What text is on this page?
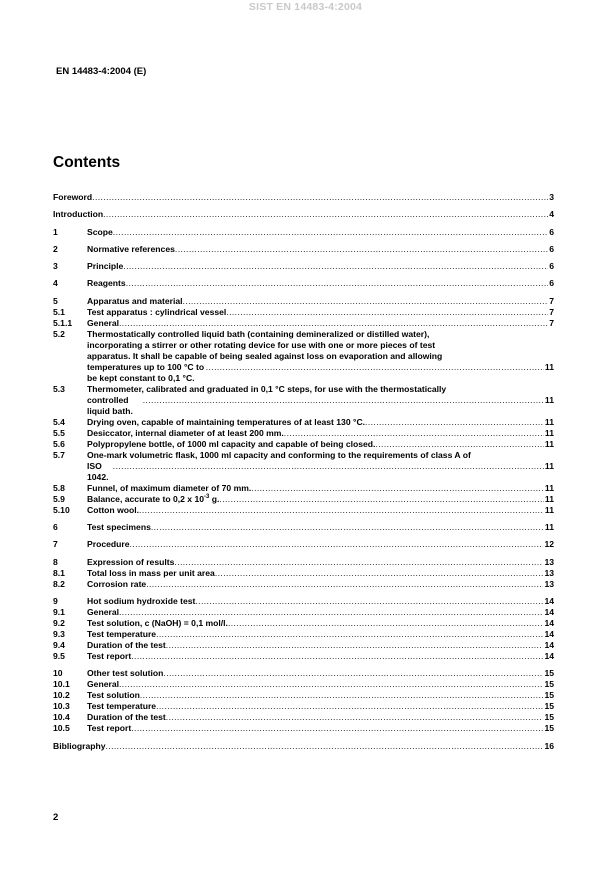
SIST EN 14483-4:2004
EN 14483-4:2004 (E)
Contents
Foreword .....	3
Introduction .....	4
1	Scope .....	6
2	Normative references .....	6
3	Principle .....	6
4	Reagents .....	6
5	Apparatus and material .....	7
5.1	Test apparatus : cylindrical vessel .....	7
5.1.1	General .....	7
5.2	Thermostatically controlled liquid bath (containing demineralized or distilled water),
incorporating a stirrer or other rotating device for use with one or more pieces of test
apparatus. It shall be capable of being sealed against loss on evaporation and allowing
temperatures up to 100 °C to be kept constant to 0,1 °C.
.....
11
5.3	Thermometer, calibrated and graduated in 0,1 °C steps, for use with the thermostatically
controlled liquid bath.
.....
11
5.4	Drying oven, capable of maintaining temperatures of at least 130 °C. .....	11
5.5	Desiccator, internal diameter of at least 200 mm. .....	11
5.6	Polypropylene bottle, of 1000 ml capacity and capable of being closed. .....	11
5.7	One-mark volumetric flask, 1000 ml capacity and conforming to the requirements of class A of
ISO 1042.
.....
11
5.8	Funnel, of maximum diameter of 70 mm. .....	11
5.9	Balance, accurate to 0,2 x $10^{-3}$ g. .....	11
5.10	Cotton wool. .....	11
6	Test specimens .....	11
7	Procedure .....	12
8	Expression of results .....	13
8.1	Total loss in mass per unit area .....	13
8.2	Corrosion rate .....	13
9	Hot sodium hydroxide test .....	14
9.1	General .....	14
9.2	Test solution, c (NaOH) = 0,1 mol/l. .....	14
9.3	Test temperature .....	14
9.4	Duration of the test .....	14
9.5	Test report .....	14
10	Other test solution .....	15
10.1	General .....	15
10.2	Test solution .....	15
10.3	Test temperature .....	15
10.4	Duration of the test .....	15
10.5	Test report .....	15
Bibliography .....	16
2
